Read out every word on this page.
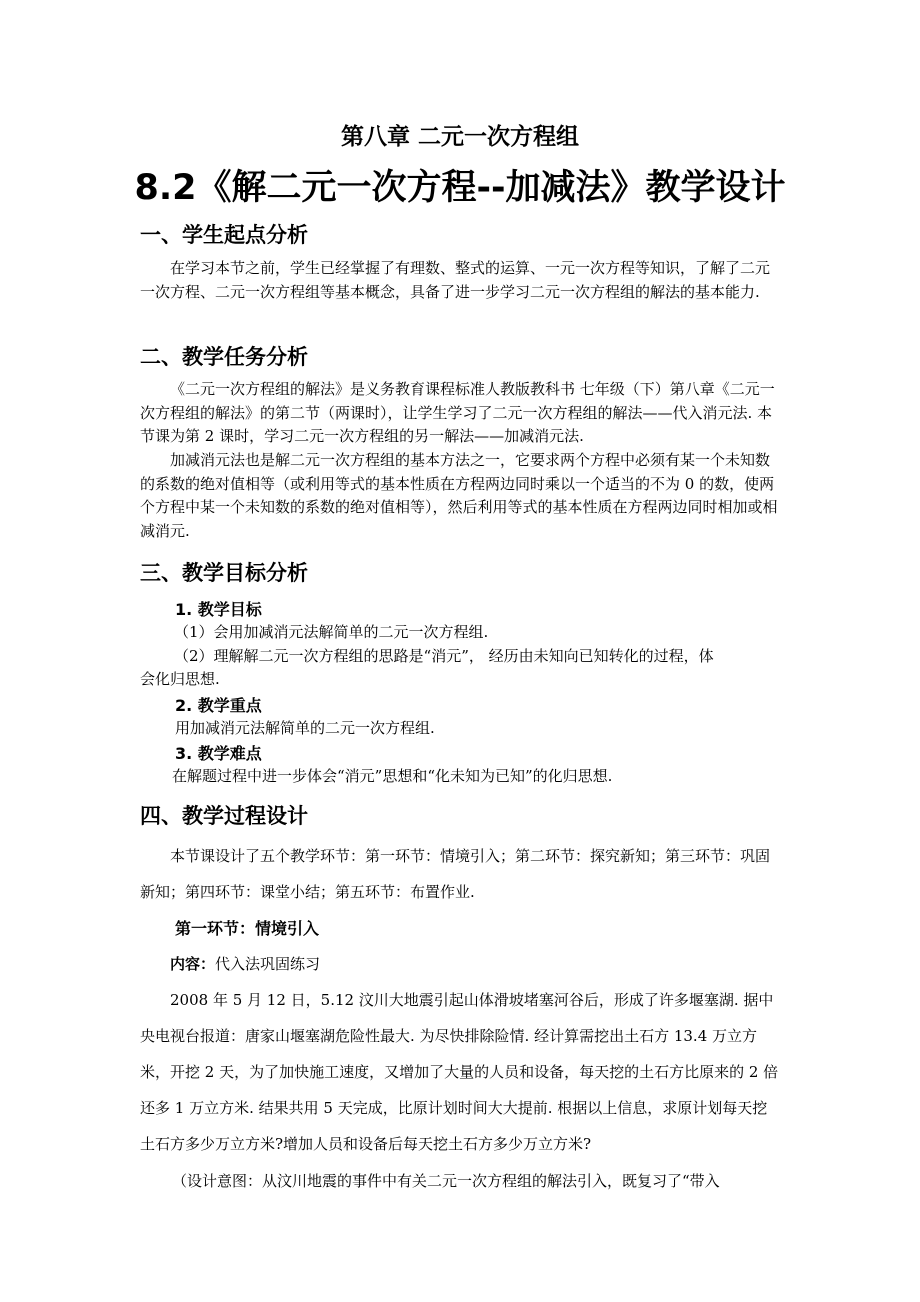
第八章 二元一次方程组
8.2《解二元一次方程--加减法》教学设计
一、学生起点分析
在学习本节之前，学生已经掌握了有理数、整式的运算、一元一次方程等知识，了解了二元一次方程、二元一次方程组等基本概念，具备了进一步学习二元一次方程组的解法的基本能力.
二、教学任务分析
《二元一次方程组的解法》是义务教育课程标准人教版教科书 七年级（下）第八章《二元一次方程组的解法》的第二节（两课时），让学生学习了二元一次方程组的解法——代入消元法. 本节课为第 2 课时，学习二元一次方程组的另一解法——加减消元法.
加减消元法也是解二元一次方程组的基本方法之一，它要求两个方程中必须有某一个未知数的系数的绝对值相等（或利用等式的基本性质在方程两边同时乘以一个适当的不为 0 的数，使两个方程中某一个未知数的系数的绝对值相等），然后利用等式的基本性质在方程两边同时相加或相减消元.
三、教学目标分析
1. 教学目标
（1）会用加减消元法解简单的二元一次方程组.
（2）理解解二元一次方程组的思路是“消元”， 经历由未知向已知转化的过程，体
会化归思想.
2. 教学重点
用加减消元法解简单的二元一次方程组.
3. 教学难点
在解题过程中进一步体会“消元”思想和“化未知为已知”的化归思想.
四、教学过程设计
本节课设计了五个教学环节：第一环节：情境引入；第二环节：探究新知；第三环节：巩固新知；第四环节：课堂小结；第五环节：布置作业.
第一环节：情境引入
内容：代入法巩固练习
2008 年 5 月 12 日，5.12 汶川大地震引起山体滑坡堵塞河谷后，形成了许多堰塞湖. 据中央电视台报道：唐家山堰塞湖危险性最大. 为尽快排除险情. 经计算需挖出土石方 13.4 万立方米，开挖 2 天，为了加快施工速度，又增加了大量的人员和设备，每天挖的土石方比原来的 2 倍还多 1 万立方米. 结果共用 5 天完成，比原计划时间大大提前. 根据以上信息，求原计划每天挖土石方多少万立方米?增加人员和设备后每天挖土石方多少万立方米?
（设计意图：从汶川地震的事件中有关二元一次方程组的解法引入，既复习了“带入
